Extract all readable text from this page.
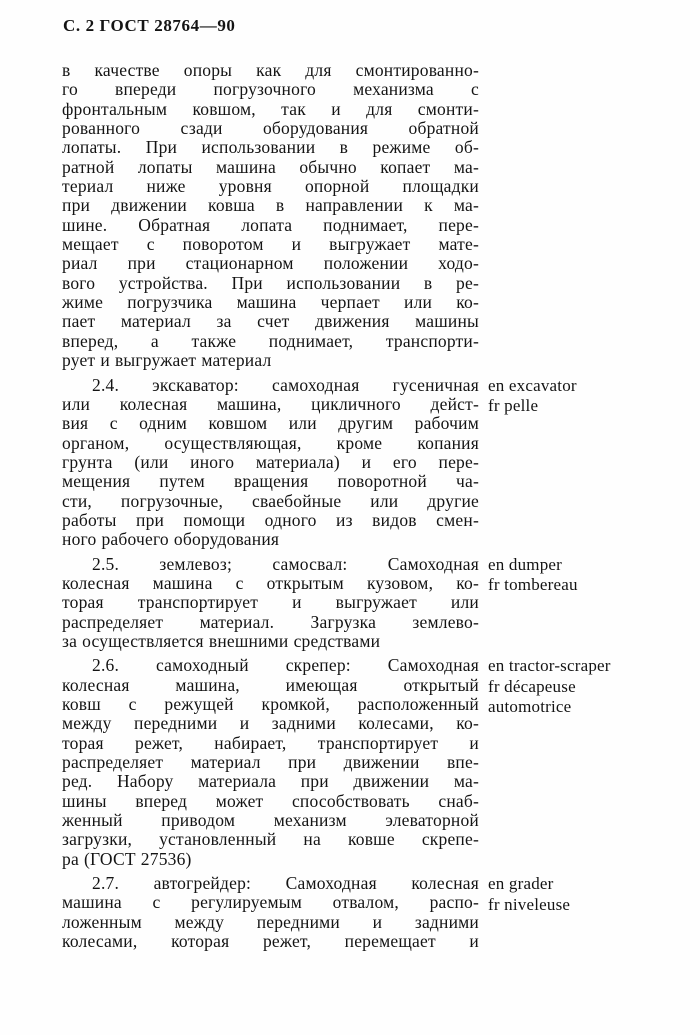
С. 2 ГОСТ 28764—90
в качестве опоры как для смонтированно-
го впереди погрузочного механизма с
фронтальным ковшом, так и для смонти-
рованного сзади оборудования обратной
лопаты. При использовании в режиме об-
ратной лопаты машина обычно копает ма-
териал ниже уровня опорной площадки
при движении ковша в направлении к ма-
шине. Обратная лопата поднимает, пере-
мещает с поворотом и выгружает мате-
риал при стационарном положении ходо-
вого устройства. При использовании в ре-
жиме погрузчика машина черпает или ко-
пает материал за счет движения машины
вперед, а также поднимает, транспорти-
рует и выгружает материал
2.4. экскаватор: самоходная гусеничная
или колесная машина, цикличного дейст-
вия с одним ковшом или другим рабочим
органом, осуществляющая, кроме копания
грунта (или иного материала) и его пере-
мещения путем вращения поворотной ча-
сти, погрузочные, сваебойные или другие
работы при помощи одного из видов смен-
ного рабочего оборудования
en excavator
fr pelle
2.5. землевоз; самосвал: Самоходная
колесная машина с открытым кузовом, ко-
торая транспортирует и выгружает или
распределяет материал. Загрузка землево-
за осуществляется внешними средствами
en dumper
fr tombereau
2.6. самоходный скрепер: Самоходная
колесная машина, имеющая открытый
ковш с режущей кромкой, расположенный
между передними и задними колесами, ко-
торая режет, набирает, транспортирует и
распределяет материал при движении впе-
ред. Набору материала при движении ма-
шины вперед может способствовать снаб-
женный приводом механизм элеваторной
загрузки, установленный на ковше скрепе-
ра (ГОСТ 27536)
en tractor-scraper
fr décapeuse
automotrice
2.7. автогрейдер: Самоходная колесная
машина с регулируемым отвалом, распо-
ложенным между передними и задними
колесами, которая режет, перемещает и
en grader
fr niveleuse
